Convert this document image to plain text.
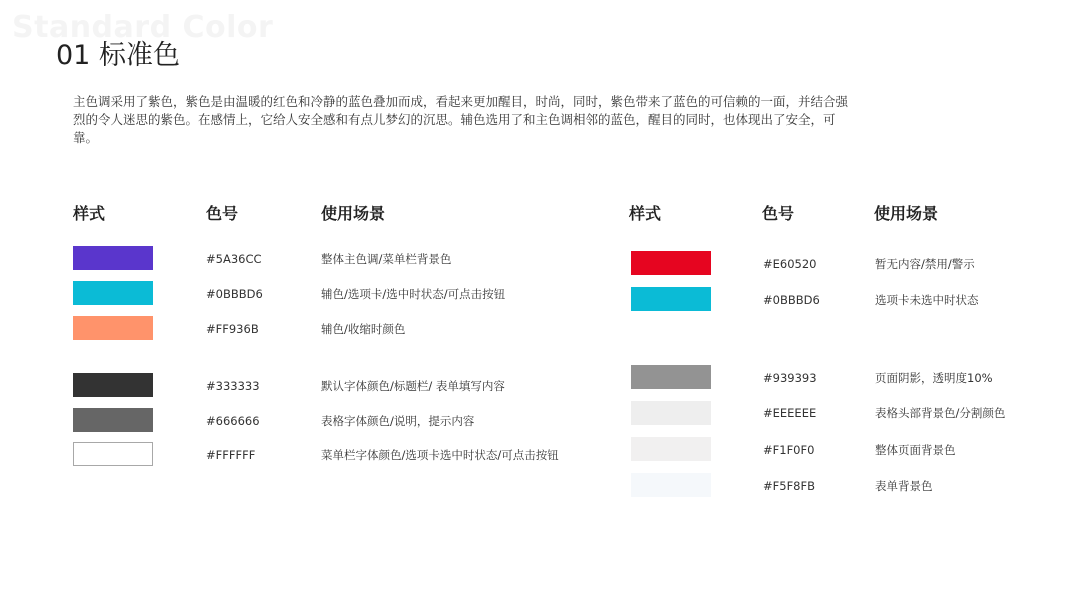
Standard Color
01 标准色

主色调采用了紫色，紫色是由温暖的红色和冷静的蓝色叠加而成，看起来更加醒目，时尚，同时，紫色带来了蓝色的可信赖的一面，并结合强烈的令人迷思的紫色。在感情上，它给人安全感和有点儿梦幻的沉思。辅色选用了和主色调相邻的蓝色，醒目的同时，也体现出了安全，可靠。

样式	色号	使用场景	样式	色号	使用场景
#5A36CC	整体主色调/菜单栏背景色
#0BBBD6	辅色/选项卡/选中时状态/可点击按钮
#FF936B	辅色/收缩时颜色
#333333	默认字体颜色/标题栏/ 表单填写内容
#666666	表格字体颜色/说明，提示内容
#FFFFFF	菜单栏字体颜色/选项卡选中时状态/可点击按钮
#E60520	暂无内容/禁用/警示
#0BBBD6	选项卡未选中时状态
#939393	页面阴影，透明度10%
#EEEEEE	表格头部背景色/分割颜色
#F1F0F0	整体页面背景色
#F5F8FB	表单背景色
